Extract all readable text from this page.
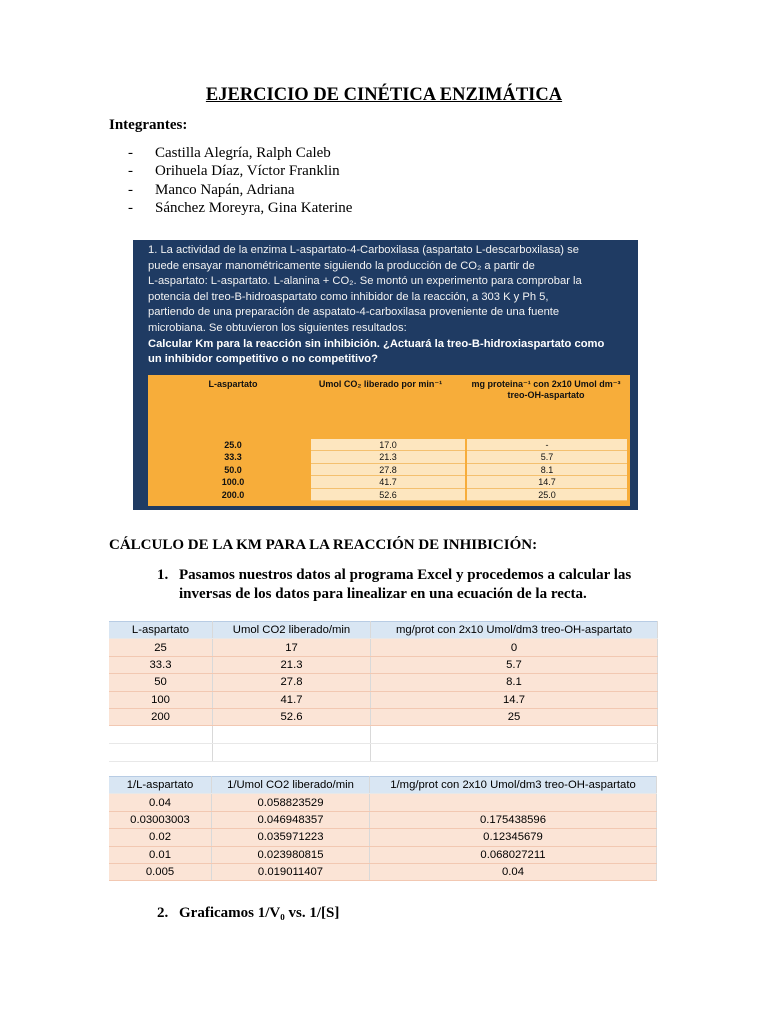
EJERCICIO DE CINÉTICA ENZIMÁTICA
Integrantes:
- Castilla Alegría, Ralph Caleb
- Orihuela Díaz, Víctor Franklin
- Manco Napán, Adriana
- Sánchez Moreyra, Gina Katerine
1. La actividad de la enzima L-aspartato-4-Carboxilasa (aspartato L-descarboxilasa) se
puede ensayar manométricamente siguiendo la producción de CO₂ a partir de
L-aspartato: L-aspartato. L-alanina + CO₂. Se montó un experimento para comprobar la
potencia del treo-B-hidroaspartato como inhibidor de la reacción, a 303 K y Ph 5,
partiendo de una preparación de aspatato-4-carboxilasa proveniente de una fuente
microbiana. Se obtuvieron los siguientes resultados:
Calcular Km para la reacción sin inhibición. ¿Actuará la treo-B-hidroxiaspartato como
un inhibidor competitivo o no competitivo?
L-aspartato	Umol CO₂ liberado por min⁻¹	mg proteina⁻¹ con 2x10 Umol dm⁻³ treo-OH-aspartato
25.0	17.0	-
33.3	21.3	5.7
50.0	27.8	8.1
100.0	41.7	14.7
200.0	52.6	25.0
CÁLCULO DE LA KM PARA LA REACCIÓN DE INHIBICIÓN:
1. Pasamos nuestros datos al programa Excel y procedemos a calcular las inversas de los datos para linealizar en una ecuación de la recta.
L-aspartato	Umol CO2 liberado/min	mg/prot con 2x10 Umol/dm3 treo-OH-aspartato
25	17	0
33.3	21.3	5.7
50	27.8	8.1
100	41.7	14.7
200	52.6	25

1/L-aspartato	1/Umol CO2 liberado/min	1/mg/prot con 2x10 Umol/dm3 treo-OH-aspartato
0.04	0.058823529	
0.03003003	0.046948357	0.175438596
0.02	0.035971223	0.12345679
0.01	0.023980815	0.068027211
0.005	0.019011407	0.04
2. Graficamos 1/V₀ vs. 1/[S]
